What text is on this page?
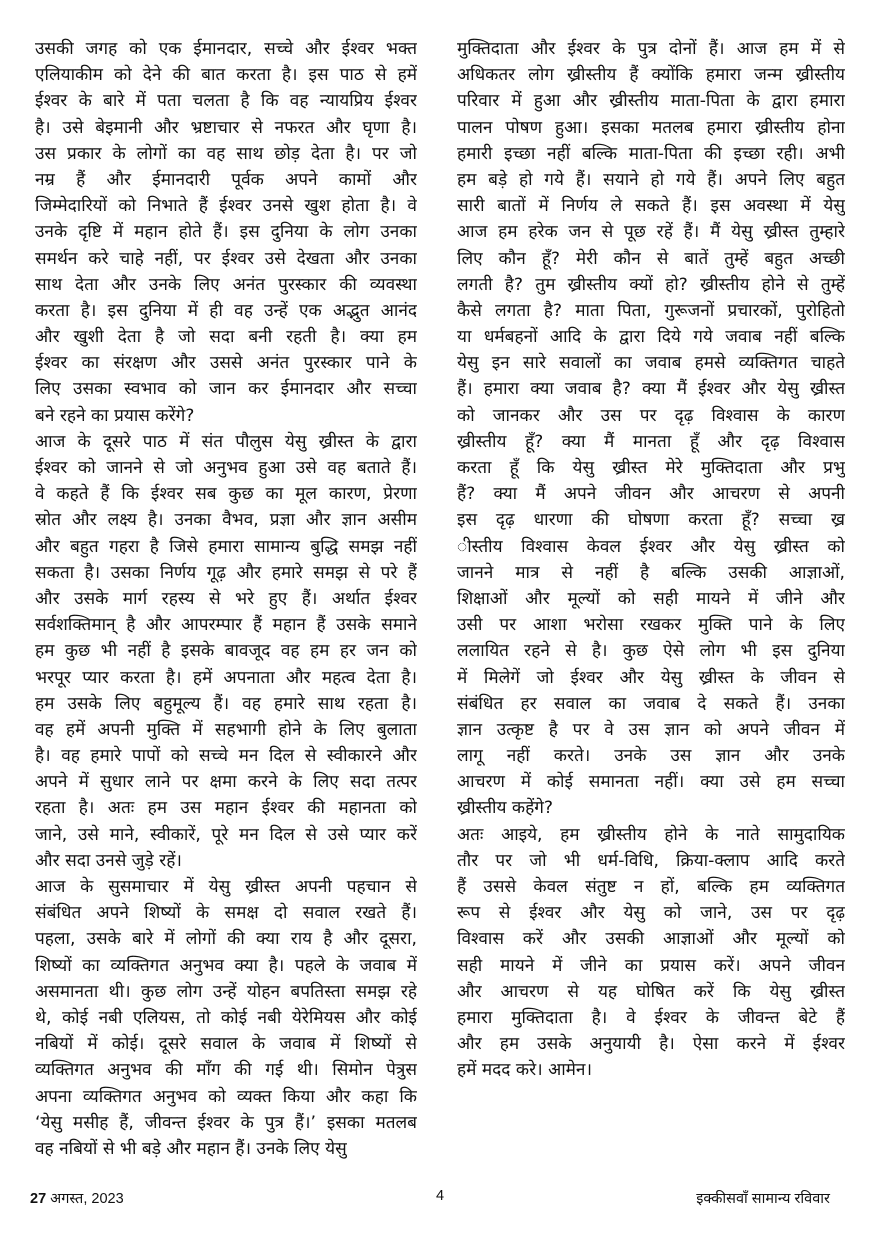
उसकी जगह को एक ईमानदार, सच्चे और ईश्वर भक्त
एलियाकीम को देने की बात करता है। इस पाठ से हमें
ईश्वर के बारे में पता चलता है कि वह न्यायप्रिय ईश्वर
है। उसे बेइमानी और भ्रष्टाचार से नफरत और घृणा है।
उस प्रकार के लोगों का वह साथ छोड़ देता है। पर जो
नम्र हैं और ईमानदारी पूर्वक अपने कामों और
जिम्मेदारियों को निभाते हैं ईश्वर उनसे खुश होता है। वे
उनके दृष्टि में महान होते हैं। इस दुनिया के लोग उनका
समर्थन करे चाहे नहीं, पर ईश्वर उसे देखता और उनका
साथ देता और उनके लिए अनंत पुरस्कार की व्यवस्था
करता है। इस दुनिया में ही वह उन्हें एक अद्भुत आनंद
और खुशी देता है जो सदा बनी रहती है। क्या हम
ईश्वर का संरक्षण और उससे अनंत पुरस्कार पाने के
लिए उसका स्वभाव को जान कर ईमानदार और सच्चा
बने रहने का प्रयास करेंगे?
आज के दूसरे पाठ में संत पौलुस येसु ख्रीस्त के द्वारा
ईश्वर को जानने से जो अनुभव हुआ उसे वह बताते हैं।
वे कहते हैं कि ईश्वर सब कुछ का मूल कारण, प्रेरणा
स्रोत और लक्ष्य है। उनका वैभव, प्रज्ञा और ज्ञान असीम
और बहुत गहरा है जिसे हमारा सामान्य बुद्धि समझ नहीं
सकता है। उसका निर्णय गूढ़ और हमारे समझ से परे हैं
और उसके मार्ग रहस्य से भरे हुए हैं। अर्थात ईश्वर
सर्वशक्तिमान् है और आपरम्पार हैं महान हैं उसके समाने
हम कुछ भी नहीं है इसके बावजूद वह हम हर जन को
भरपूर प्यार करता है। हमें अपनाता और महत्व देता है।
हम उसके लिए बहुमूल्य हैं। वह हमारे साथ रहता है।
वह हमें अपनी मुक्ति में सहभागी होने के लिए बुलाता
है। वह हमारे पापों को सच्चे मन दिल से स्वीकारने और
अपने में सुधार लाने पर क्षमा करने के लिए सदा तत्पर
रहता है। अतः हम उस महान ईश्वर की महानता को
जाने, उसे माने, स्वीकारें, पूरे मन दिल से उसे प्यार करें
और सदा उनसे जुड़े रहें।
आज के सुसमाचार में येसु ख्रीस्त अपनी पहचान से
संबंधित अपने शिष्यों के समक्ष दो सवाल रखते हैं।
पहला, उसके बारे में लोगों की क्या राय है और दूसरा,
शिष्यों का व्यक्तिगत अनुभव क्या है। पहले के जवाब में
असमानता थी। कुछ लोग उन्हें योहन बपतिस्ता समझ रहे
थे, कोई नबी एलियस, तो कोई नबी येरेमियस और कोई
नबियों में कोई। दूसरे सवाल के जवाब में शिष्यों से
व्यक्तिगत अनुभव की माँग की गई थी। सिमोन पेत्रुस
अपना व्यक्तिगत अनुभव को व्यक्त किया और कहा कि
‘येसु मसीह हैं, जीवन्त ईश्वर के पुत्र हैं।’ इसका मतलब
वह नबियों से भी बड़े और महान हैं। उनके लिए येसु
मुक्तिदाता और ईश्वर के पुत्र दोनों हैं। आज हम में से
अधिकतर लोग ख्रीस्तीय हैं क्योंकि हमारा जन्म ख्रीस्तीय
परिवार में हुआ और ख्रीस्तीय माता-पिता के द्वारा हमारा
पालन पोषण हुआ। इसका मतलब हमारा ख्रीस्तीय होना
हमारी इच्छा नहीं बल्कि माता-पिता की इच्छा रही। अभी
हम बड़े हो गये हैं। सयाने हो गये हैं। अपने लिए बहुत
सारी बातों में निर्णय ले सकते हैं। इस अवस्था में येसु
आज हम हरेक जन से पूछ रहें हैं। मैं येसु ख्रीस्त तुम्हारे
लिए कौन हूँ? मेरी कौन से बातें तुम्हें बहुत अच्छी
लगती है? तुम ख्रीस्तीय क्यों हो? ख्रीस्तीय होने से तुम्हें
कैसे लगता है? माता पिता, गुरूजनों प्रचारकों, पुरोहितो
या धर्मबहनों आदि के द्वारा दिये गये जवाब नहीं बल्कि
येसु इन सारे सवालों का जवाब हमसे व्यक्तिगत चाहते
हैं। हमारा क्या जवाब है? क्या मैं ईश्वर और येसु ख्रीस्त
को जानकर और उस पर दृढ़ विश्वास के कारण
ख्रीस्तीय हूँ? क्या मैं मानता हूँ और दृढ़ विश्वास
करता हूँ कि येसु ख्रीस्त मेरे मुक्तिदाता और प्रभु
हैं? क्या मैं अपने जीवन और आचरण से अपनी
इस दृढ़ धारणा की घोषणा करता हूँ? सच्चा ख्र
ीस्तीय विश्वास केवल ईश्वर और येसु ख्रीस्त को
जानने मात्र से नहीं है बल्कि उसकी आज्ञाओं,
शिक्षाओं और मूल्यों को सही मायने में जीने और
उसी पर आशा भरोसा रखकर मुक्ति पाने के लिए
ललायित रहने से है। कुछ ऐसे लोग भी इस दुनिया
में मिलेगें जो ईश्वर और येसु ख्रीस्त के जीवन से
संबंधित हर सवाल का जवाब दे सकते हैं। उनका
ज्ञान उत्कृष्ट है पर वे उस ज्ञान को अपने जीवन में
लागू नहीं करते। उनके उस ज्ञान और उनके
आचरण में कोई समानता नहीं। क्या उसे हम सच्चा
ख्रीस्तीय कहेंगे?
अतः आइये, हम ख्रीस्तीय होने के नाते सामुदायिक
तौर पर जो भी धर्म-विधि, क्रिया-क्लाप आदि करते
हैं उससे केवल संतुष्ट न हों, बल्कि हम व्यक्तिगत
रूप से ईश्वर और येसु को जाने, उस पर दृढ़
विश्वास करें और उसकी आज्ञाओं और मूल्यों को
सही मायने में जीने का प्रयास करें। अपने जीवन
और आचरण से यह घोषित करें कि येसु ख्रीस्त
हमारा मुक्तिदाता है। वे ईश्वर के जीवन्त बेटे हैं
और हम उसके अनुयायी है। ऐसा करने में ईश्वर
हमें मदद करे। आमेन।
27 अगस्त, 2023	4	इक्कीसवाँ सामान्य रविवार
